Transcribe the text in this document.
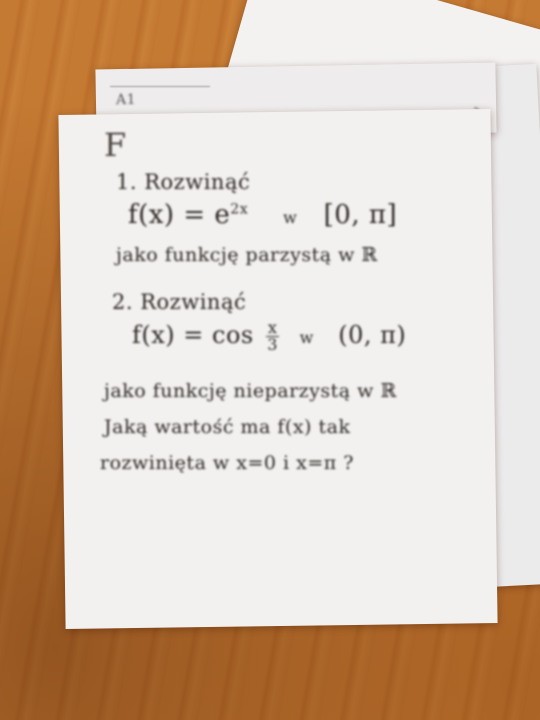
A1
F
1. Rozwinąć
$f(x) = e^{2x}$ w [0, π]
jako funkcję parzystą w ℝ
2. Rozwinąć
$f(x) = \cos \frac{x}{3}$ w (0, π)
jako funkcję nieparzystą w ℝ
Jaką wartość ma f(x) tak
rozwinięta w x=0 i x=π ?
